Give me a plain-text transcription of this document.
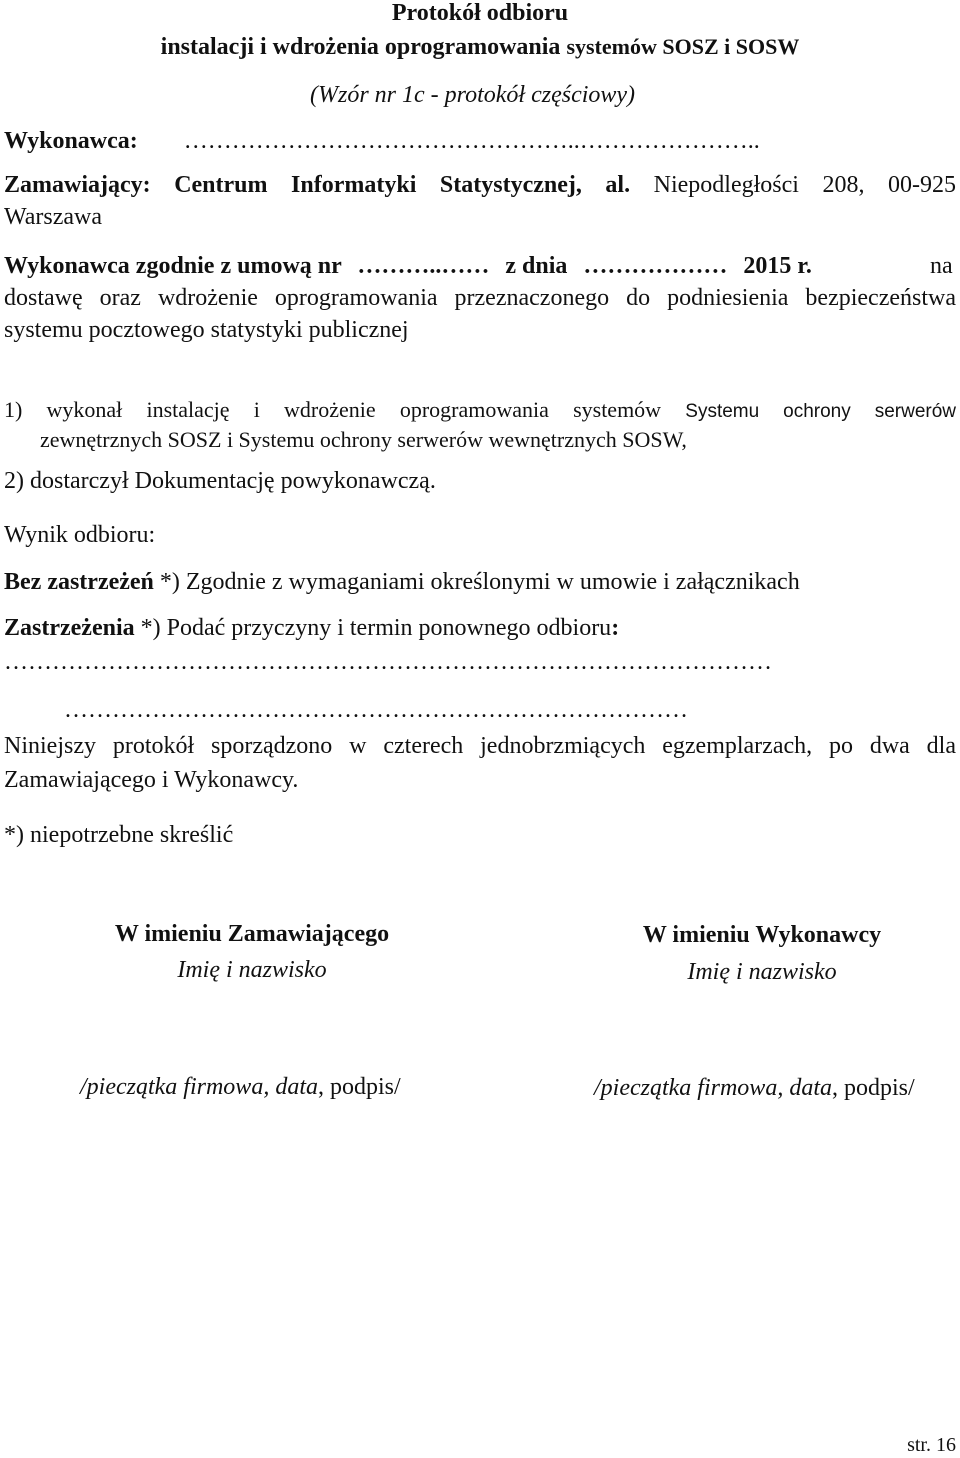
Protokół odbioru
instalacji i wdrożenia oprogramowania systemów SOSZ i SOSW
(Wzór nr 1c - protokół częściowy)
Wykonawca: …………………………………………..…………………..
Zamawiający: Centrum Informatyki Statystycznej, al. Niepodległości 208, 00-925
Warszawa
Wykonawca zgodnie z umową nr ………..…… z dnia ……………… 2015 r.	na
dostawę oraz wdrożenie oprogramowania przeznaczonego do podniesienia bezpieczeństwa
systemu pocztowego statystyki publicznej
1) wykonał instalację i wdrożenie oprogramowania systemów Systemu ochrony serwerów
zewnętrznych SOSZ i Systemu ochrony serwerów wewnętrznych SOSW,
2) dostarczył Dokumentację powykonawczą.
Wynik odbioru:
Bez zastrzeżeń *) Zgodnie z wymaganiami określonymi w umowie i załącznikach
Zastrzeżenia *) Podać przyczyny i termin ponownego odbioru:
……………………………………………………………………………………
……………………………………………………………………
Niniejszy protokół sporządzono w czterech jednobrzmiących egzemplarzach, po dwa dla
Zamawiającego i Wykonawcy.
*) niepotrzebne skreślić
W imieniu Zamawiającego
Imię i nazwisko
W imieniu Wykonawcy
Imię i nazwisko
/pieczątka firmowa, data, podpis/	/pieczątka firmowa, data, podpis/
str. 16
